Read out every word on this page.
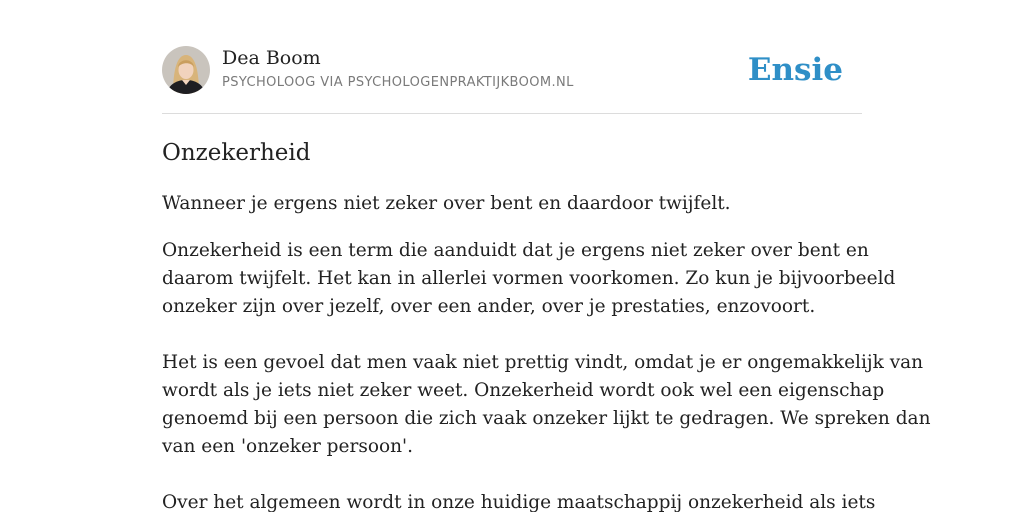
Dea Boom
PSYCHOLOOG VIA PSYCHOLOGENPRAKTIJKBOOM.NL	Ensie
Onzekerheid

Wanneer je ergens niet zeker over bent en daardoor twijfelt.

Onzekerheid is een term die aanduidt dat je ergens niet zeker over bent en
daarom twijfelt. Het kan in allerlei vormen voorkomen. Zo kun je bijvoorbeeld
onzeker zijn over jezelf, over een ander, over je prestaties, enzovoort.

Het is een gevoel dat men vaak niet prettig vindt, omdat je er ongemakkelijk van
wordt als je iets niet zeker weet. Onzekerheid wordt ook wel een eigenschap
genoemd bij een persoon die zich vaak onzeker lijkt te gedragen. We spreken dan
van een 'onzeker persoon'.

Over het algemeen wordt in onze huidige maatschappij onzekerheid als iets
